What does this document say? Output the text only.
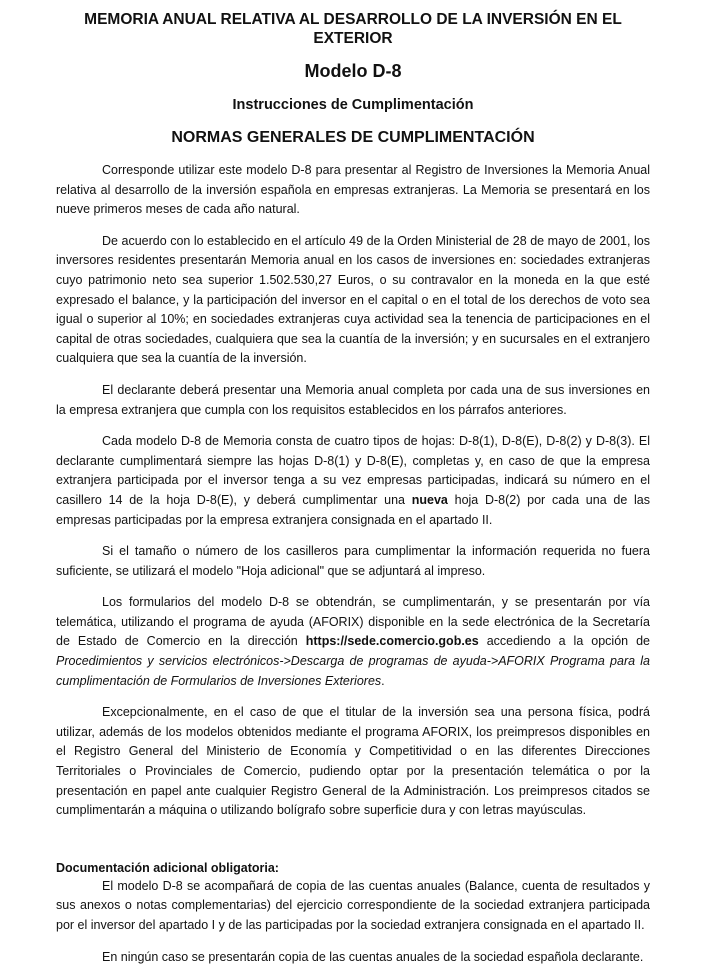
MEMORIA ANUAL RELATIVA AL DESARROLLO DE LA INVERSIÓN EN EL EXTERIOR
Modelo D-8
Instrucciones de Cumplimentación
NORMAS GENERALES DE CUMPLIMENTACIÓN

Corresponde utilizar este modelo D-8 para presentar al Registro de Inversiones la Memoria Anual relativa al desarrollo de la inversión española en empresas extranjeras. La Memoria se presentará en los nueve primeros meses de cada año natural.

De acuerdo con lo establecido en el artículo 49 de la Orden Ministerial de 28 de mayo de 2001, los inversores residentes presentarán Memoria anual en los casos de inversiones en: sociedades extranjeras cuyo patrimonio neto sea superior 1.502.530,27 Euros, o su contravalor en la moneda en la que esté expresado el balance, y la participación del inversor en el capital o en el total de los derechos de voto sea igual o superior al 10%; en sociedades extranjeras cuya actividad sea la tenencia de participaciones en el capital de otras sociedades, cualquiera que sea la cuantía de la inversión; y en sucursales en el extranjero cualquiera que sea la cuantía de la inversión.

El declarante deberá presentar una Memoria anual completa por cada una de sus inversiones en la empresa extranjera que cumpla con los requisitos establecidos en los párrafos anteriores.

Cada modelo D-8 de Memoria consta de cuatro tipos de hojas: D-8(1), D-8(E), D-8(2) y D-8(3). El declarante cumplimentará siempre las hojas D-8(1) y D-8(E), completas y, en caso de que la empresa extranjera participada por el inversor tenga a su vez empresas participadas, indicará su número en el casillero 14 de la hoja D-8(E), y deberá cumplimentar una nueva hoja D-8(2) por cada una de las empresas participadas por la empresa extranjera consignada en el apartado II.

Si el tamaño o número de los casilleros para cumplimentar la información requerida no fuera suficiente, se utilizará el modelo "Hoja adicional" que se adjuntará al impreso.

Los formularios del modelo D-8 se obtendrán, se cumplimentarán, y se presentarán por vía telemática, utilizando el programa de ayuda (AFORIX) disponible en la sede electrónica de la Secretaría de Estado de Comercio en la dirección https://sede.comercio.gob.es accediendo a la opción de Procedimientos y servicios electrónicos->Descarga de programas de ayuda->AFORIX Programa para la cumplimentación de Formularios de Inversiones Exteriores.

Excepcionalmente, en el caso de que el titular de la inversión sea una persona física, podrá utilizar, además de los modelos obtenidos mediante el programa AFORIX, los preimpresos disponibles en el Registro General del Ministerio de Economía y Competitividad o en las diferentes Direcciones Territoriales o Provinciales de Comercio, pudiendo optar por la presentación telemática o por la presentación en papel ante cualquier Registro General de la Administración. Los preimpresos citados se cumplimentarán a máquina o utilizando bolígrafo sobre superficie dura y con letras mayúsculas.

Documentación adicional obligatoria:

El modelo D-8 se acompañará de copia de las cuentas anuales (Balance, cuenta de resultados y sus anexos o notas complementarias) del ejercicio correspondiente de la sociedad extranjera participada por el inversor del apartado I y de las participadas por la sociedad extranjera consignada en el apartado II.

En ningún caso se presentarán copia de las cuentas anuales de la sociedad española declarante.
